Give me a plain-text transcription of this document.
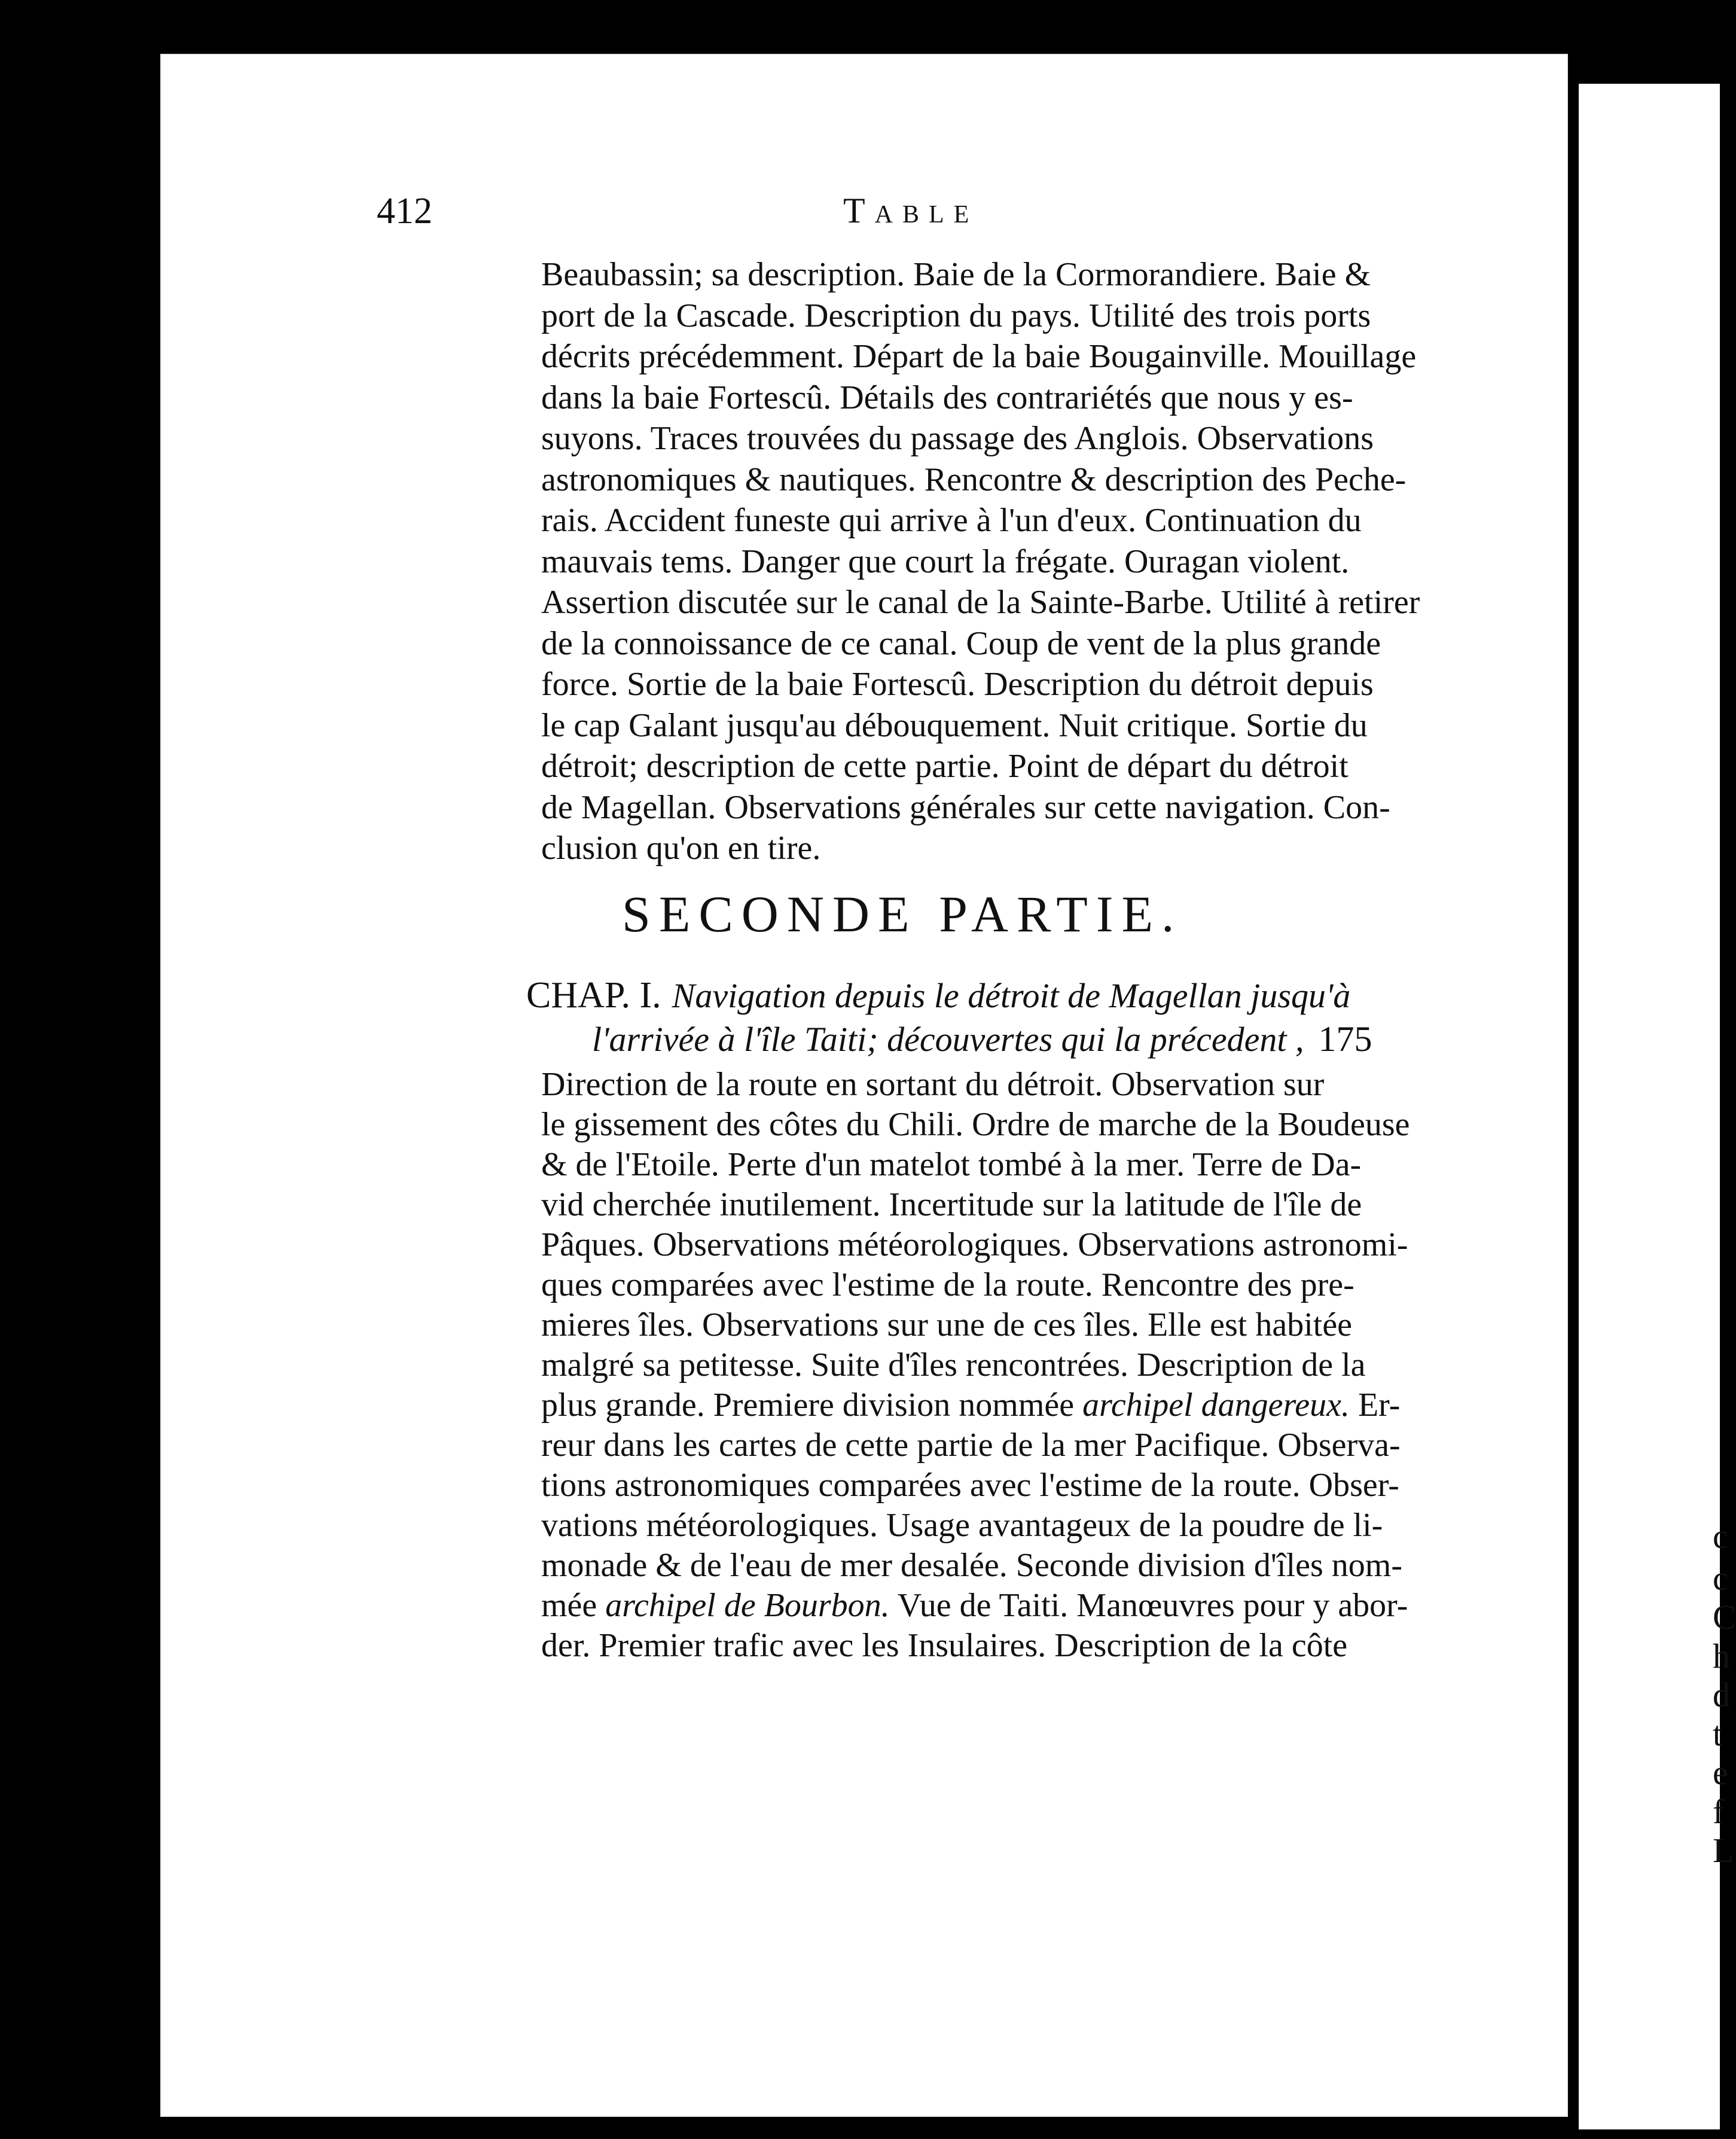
c
c
C
h
d
t
e
f
L
412	Table
Beaubassin; sa description. Baie de la Cormorandiere. Baie &
port de la Cascade. Description du pays. Utilité des trois ports
décrits précédemment. Départ de la baie Bougainville. Mouillage
dans la baie Fortescû. Détails des contrariétés que nous y es-
suyons. Traces trouvées du passage des Anglois. Observations
astronomiques & nautiques. Rencontre & description des Peche-
rais. Accident funeste qui arrive à l'un d'eux. Continuation du
mauvais tems. Danger que court la frégate. Ouragan violent.
Assertion discutée sur le canal de la Sainte-Barbe. Utilité à retirer
de la connoissance de ce canal. Coup de vent de la plus grande
force. Sortie de la baie Fortescû. Description du détroit depuis
le cap Galant jusqu'au débouquement. Nuit critique. Sortie du
détroit; description de cette partie. Point de départ du détroit
de Magellan. Observations générales sur cette navigation. Con-
clusion qu'on en tire.
SECONDE PARTIE.
CHAP. I. Navigation depuis le détroit de Magellan jusqu'à
l'arrivée à l'île Taiti; découvertes qui la précedent , 175
Direction de la route en sortant du détroit. Observation sur
le gissement des côtes du Chili. Ordre de marche de la Boudeuse
& de l'Etoile. Perte d'un matelot tombé à la mer. Terre de Da-
vid cherchée inutilement. Incertitude sur la latitude de l'île de
Pâques. Observations météorologiques. Observations astronomi-
ques comparées avec l'estime de la route. Rencontre des pre-
mieres îles. Observations sur une de ces îles. Elle est habitée
malgré sa petitesse. Suite d'îles rencontrées. Description de la
plus grande. Premiere division nommée archipel dangereux. Er-
reur dans les cartes de cette partie de la mer Pacifique. Observa-
tions astronomiques comparées avec l'estime de la route. Obser-
vations météorologiques. Usage avantageux de la poudre de li-
monade & de l'eau de mer desalée. Seconde division d'îles nom-
mée archipel de Bourbon. Vue de Taiti. Manœuvres pour y abor-
der. Premier trafic avec les Insulaires. Description de la côte
